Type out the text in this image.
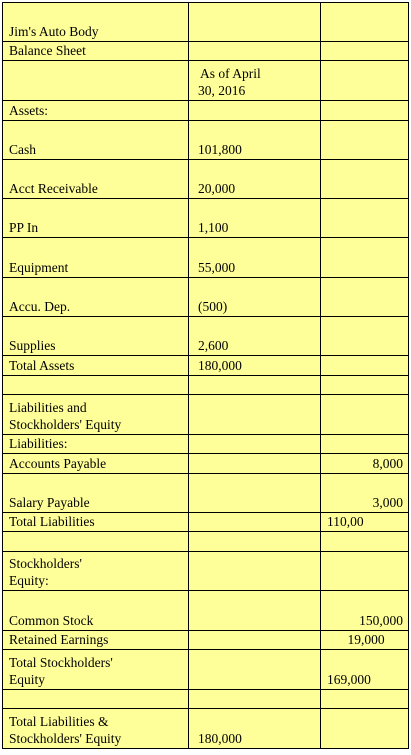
Jim's Auto Body		
Balance Sheet		

	As of April
30, 2016	

Assets:		
Cash	101,800	
Acct Receivable	20,000	
PP In	1,100	
Equipment	55,000	
Accu. Dep.	(500)	
Supplies	2,600	
Total Assets	180,000	

Liabilities and
Stockholders' Equity		

Liabilities:		
Accounts Payable		8,000
Salary Payable		3,000
Total Liabilities		110,00

Stockholders'
Equity:		

Common Stock		150,000
Retained Earnings		19,000

Total Stockholders'
Equity		169,000

Total Liabilities &
Stockholders' Equity	180,000	
